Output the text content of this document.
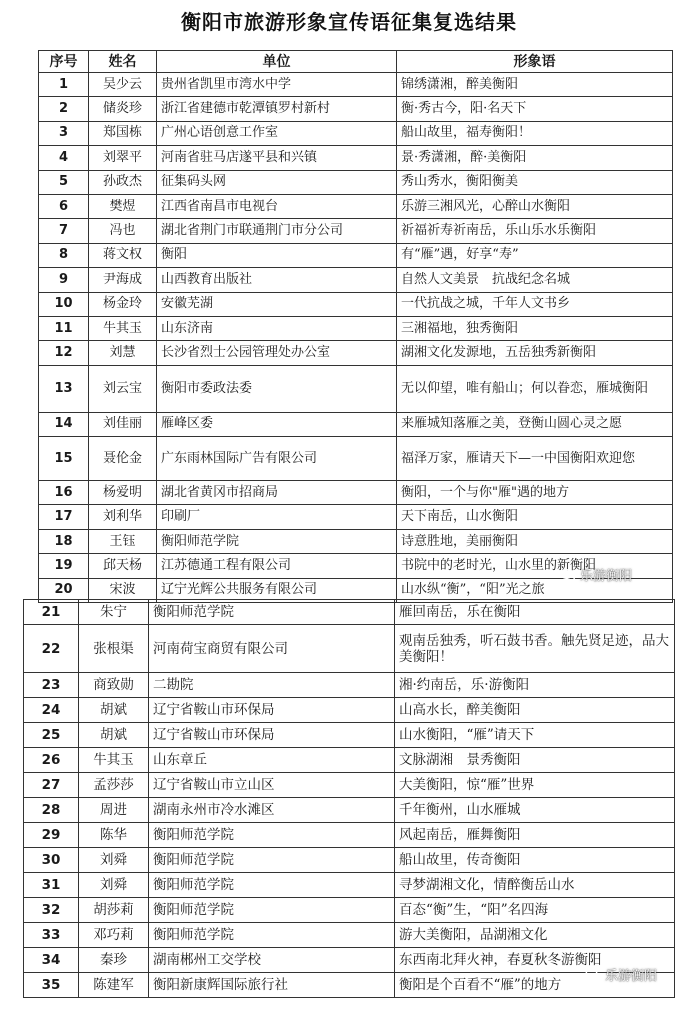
衡阳市旅游形象宣传语征集复选结果
序号	姓名	单位	形象语
1	吴少云	贵州省凯里市湾水中学	锦绣潇湘，醉美衡阳
2	储炎珍	浙江省建德市乾潭镇罗村新村	衡·秀古今，阳·名天下
3	郑国栋	广州心语创意工作室	船山故里，福寿衡阳！
4	刘翠平	河南省驻马店遂平县和兴镇	景·秀潇湘，醉·美衡阳
5	孙政杰	征集码头网	秀山秀水，衡阳衡美
6	樊煜	江西省南昌市电视台	乐游三湘风光，心醉山水衡阳
7	冯也	湖北省荆门市联通荆门市分公司	祈福祈寿祈南岳，乐山乐水乐衡阳
8	蒋文权	衡阳	有“雁”遇，好享“寿”
9	尹海成	山西教育出版社	自然人文美景　抗战纪念名城
10	杨金玲	安徽芜湖	一代抗战之城，千年人文书乡
11	牛其玉	山东济南	三湘福地，独秀衡阳
12	刘慧	长沙省烈士公园管理处办公室	湖湘文化发源地，五岳独秀新衡阳
13	刘云宝	衡阳市委政法委	无以仰望，唯有船山；何以眷恋，雁城衡阳
14	刘佳丽	雁峰区委	来雁城知落雁之美，登衡山圆心灵之愿
15	聂伦金	广东雨林国际广告有限公司	福泽万家，雁请天下—一中国衡阳欢迎您
16	杨爱明	湖北省黄冈市招商局	衡阳，一个与你"雁"遇的地方
17	刘利华	印刷厂	天下南岳，山水衡阳
18	王钰	衡阳师范学院	诗意胜地，美丽衡阳
19	邱天杨	江苏德通工程有限公司	书院中的老时光，山水里的新衡阳
20	宋波	辽宁光辉公共服务有限公司	山水纵“衡”，“阳”光之旅
21	朱宁	衡阳师范学院	雁回南岳，乐在衡阳
22	张根渠	河南荷宝商贸有限公司	观南岳独秀，听石鼓书香。触先贤足迹，品大美衡阳！
23	商致勋	二勘院	湘·约南岳，乐·游衡阳
24	胡斌	辽宁省鞍山市环保局	山高水长，醉美衡阳
25	胡斌	辽宁省鞍山市环保局	山水衡阳，“雁”请天下
26	牛其玉	山东章丘	文脉湖湘　景秀衡阳
27	孟莎莎	辽宁省鞍山市立山区	大美衡阳，惊“雁”世界
28	周进	湖南永州市冷水滩区	千年衡州，山水雁城
29	陈华	衡阳师范学院	风起南岳，雁舞衡阳
30	刘舜	衡阳师范学院	船山故里，传奇衡阳
31	刘舜	衡阳师范学院	寻梦湖湘文化，情醉衡岳山水
32	胡莎莉	衡阳师范学院	百态“衡”生，“阳”名四海
33	邓巧莉	衡阳师范学院	游大美衡阳，品湖湘文化
34	秦珍	湖南郴州工交学校	东西南北拜火神，春夏秋冬游衡阳
35	陈建军	衡阳新康辉国际旅行社	衡阳是个百看不“雁”的地方
乐游衡阳
乐游衡阳
